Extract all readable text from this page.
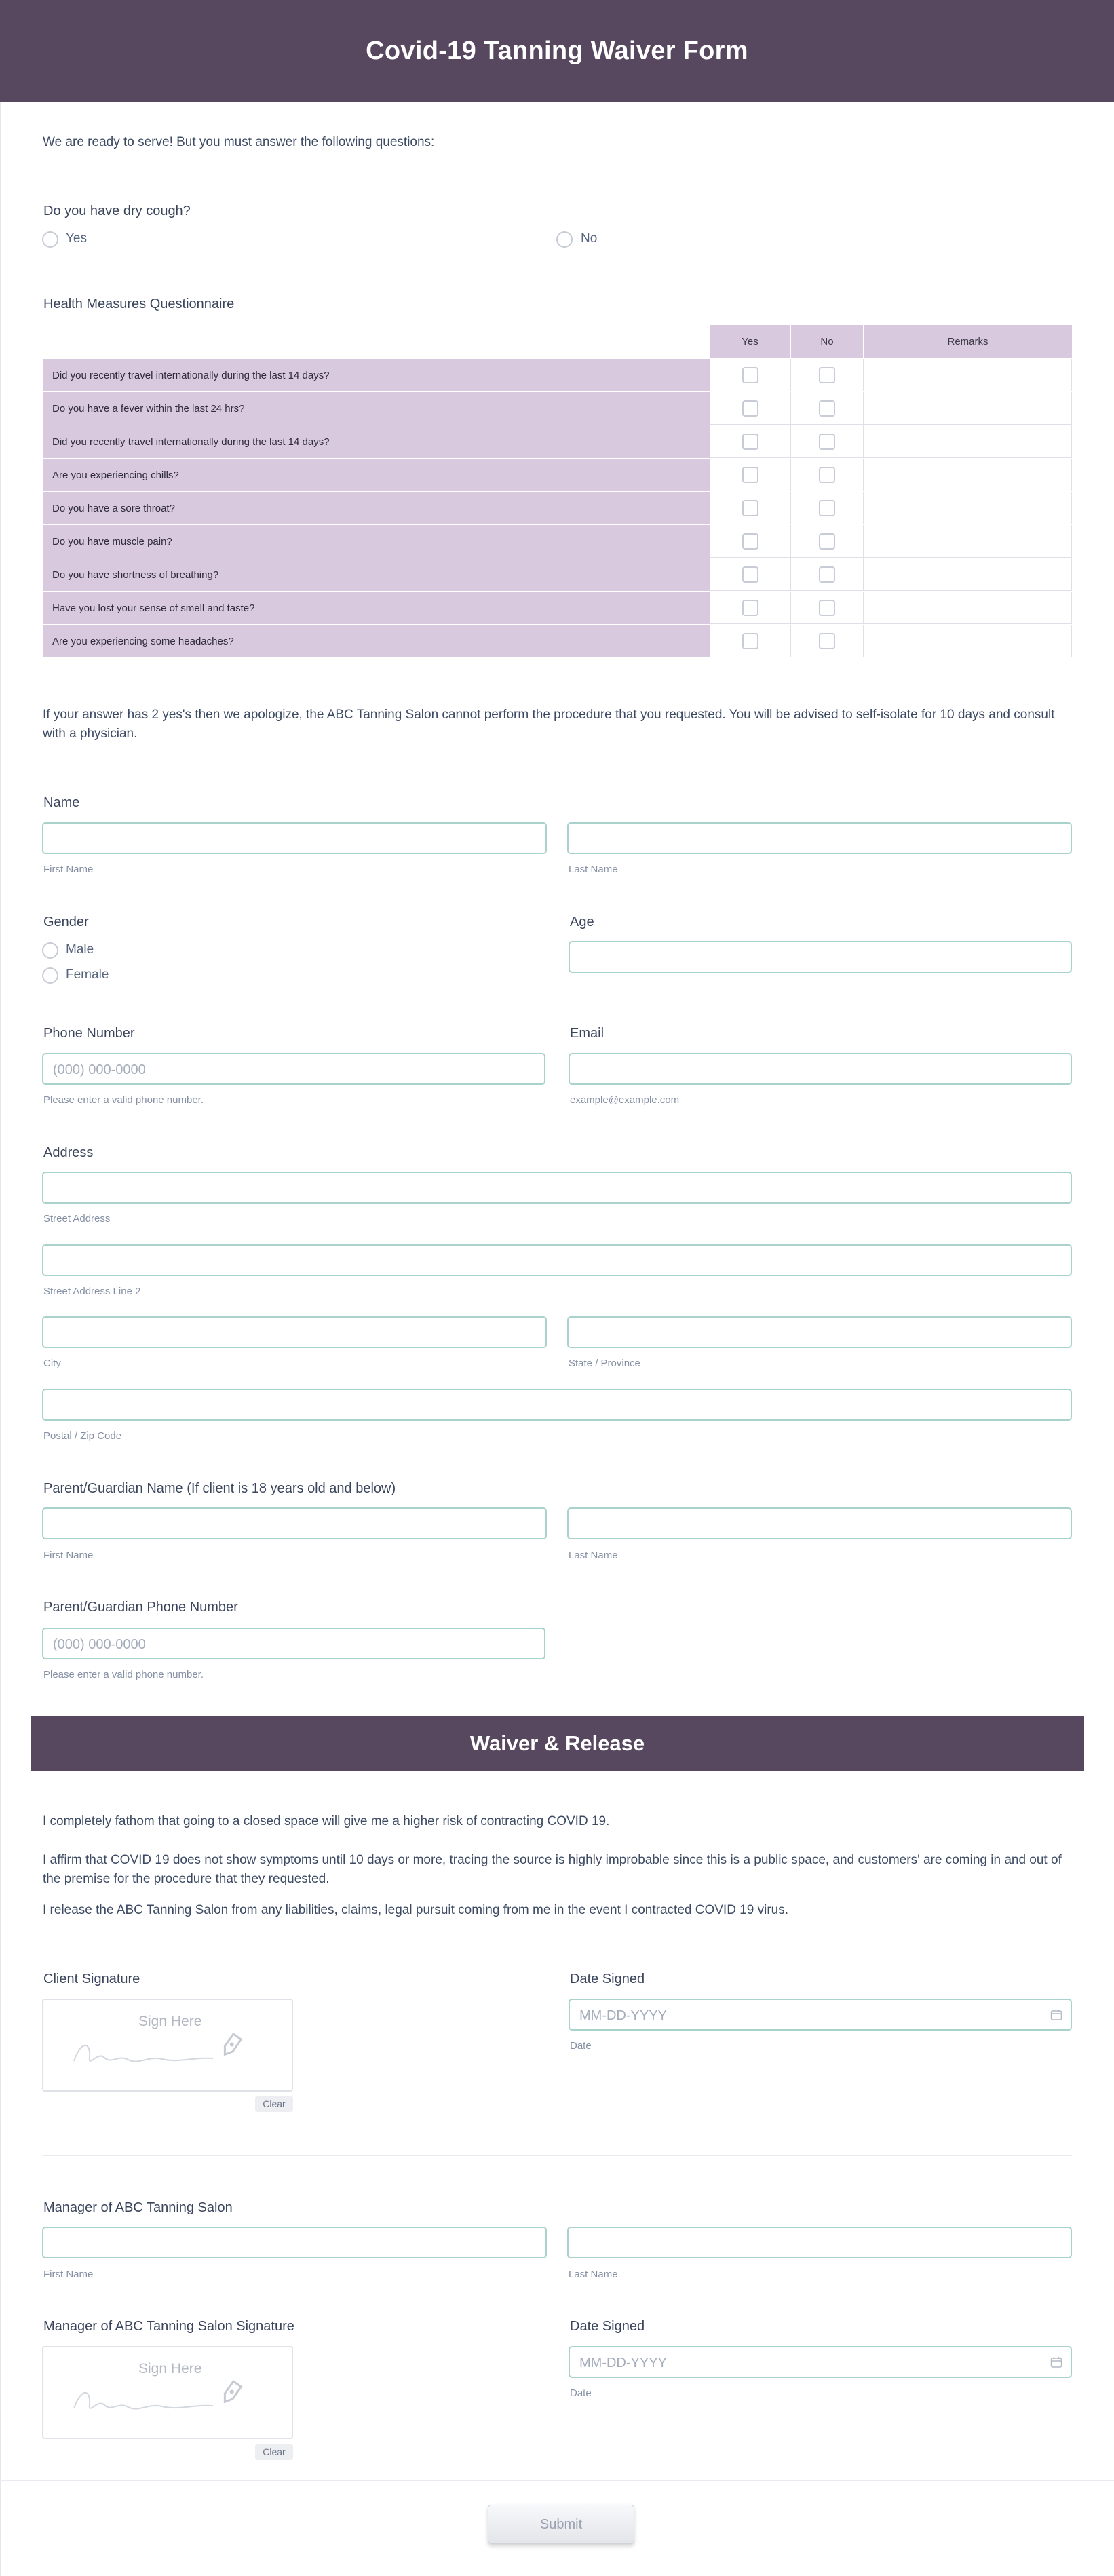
Covid-19 Tanning Waiver Form
We are ready to serve! But you must answer the following questions:
Do you have dry cough?
Yes	No
Health Measures Questionnaire
Yes	No	Remarks
Did you recently travel internationally during the last 14 days?
Do you have a fever within the last 24 hrs?
Did you recently travel internationally during the last 14 days?
Are you experiencing chills?
Do you have a sore throat?
Do you have muscle pain?
Do you have shortness of breathing?
Have you lost your sense of smell and taste?
Are you experiencing some headaches?
If your answer has 2 yes's then we apologize, the ABC Tanning Salon cannot perform the procedure that you requested. You will be advised to self-isolate for 10 days and consult with a physician.
Name
First Name	Last Name
Gender
Male
Female
Age
Phone Number
(000) 000-0000
Please enter a valid phone number.
Email
example@example.com
Address
Street Address
Street Address Line 2
City	State / Province
Postal / Zip Code
Parent/Guardian Name (If client is 18 years old and below)
First Name	Last Name
Parent/Guardian Phone Number
(000) 000-0000
Please enter a valid phone number.
Waiver & Release
I completely fathom that going to a closed space will give me a higher risk of contracting COVID 19.
I affirm that COVID 19 does not show symptoms until 10 days or more, tracing the source is highly improbable since this is a public space, and customers' are coming in and out of the premise for the procedure that they requested.
I release the ABC Tanning Salon from any liabilities, claims, legal pursuit coming from me in the event I contracted COVID 19 virus.
Client Signature
Sign Here
Clear
Date Signed
MM-DD-YYYY
Date
Manager of ABC Tanning Salon
First Name	Last Name
Manager of ABC Tanning Salon Signature
Sign Here
Clear
Date Signed
MM-DD-YYYY
Date
Submit
